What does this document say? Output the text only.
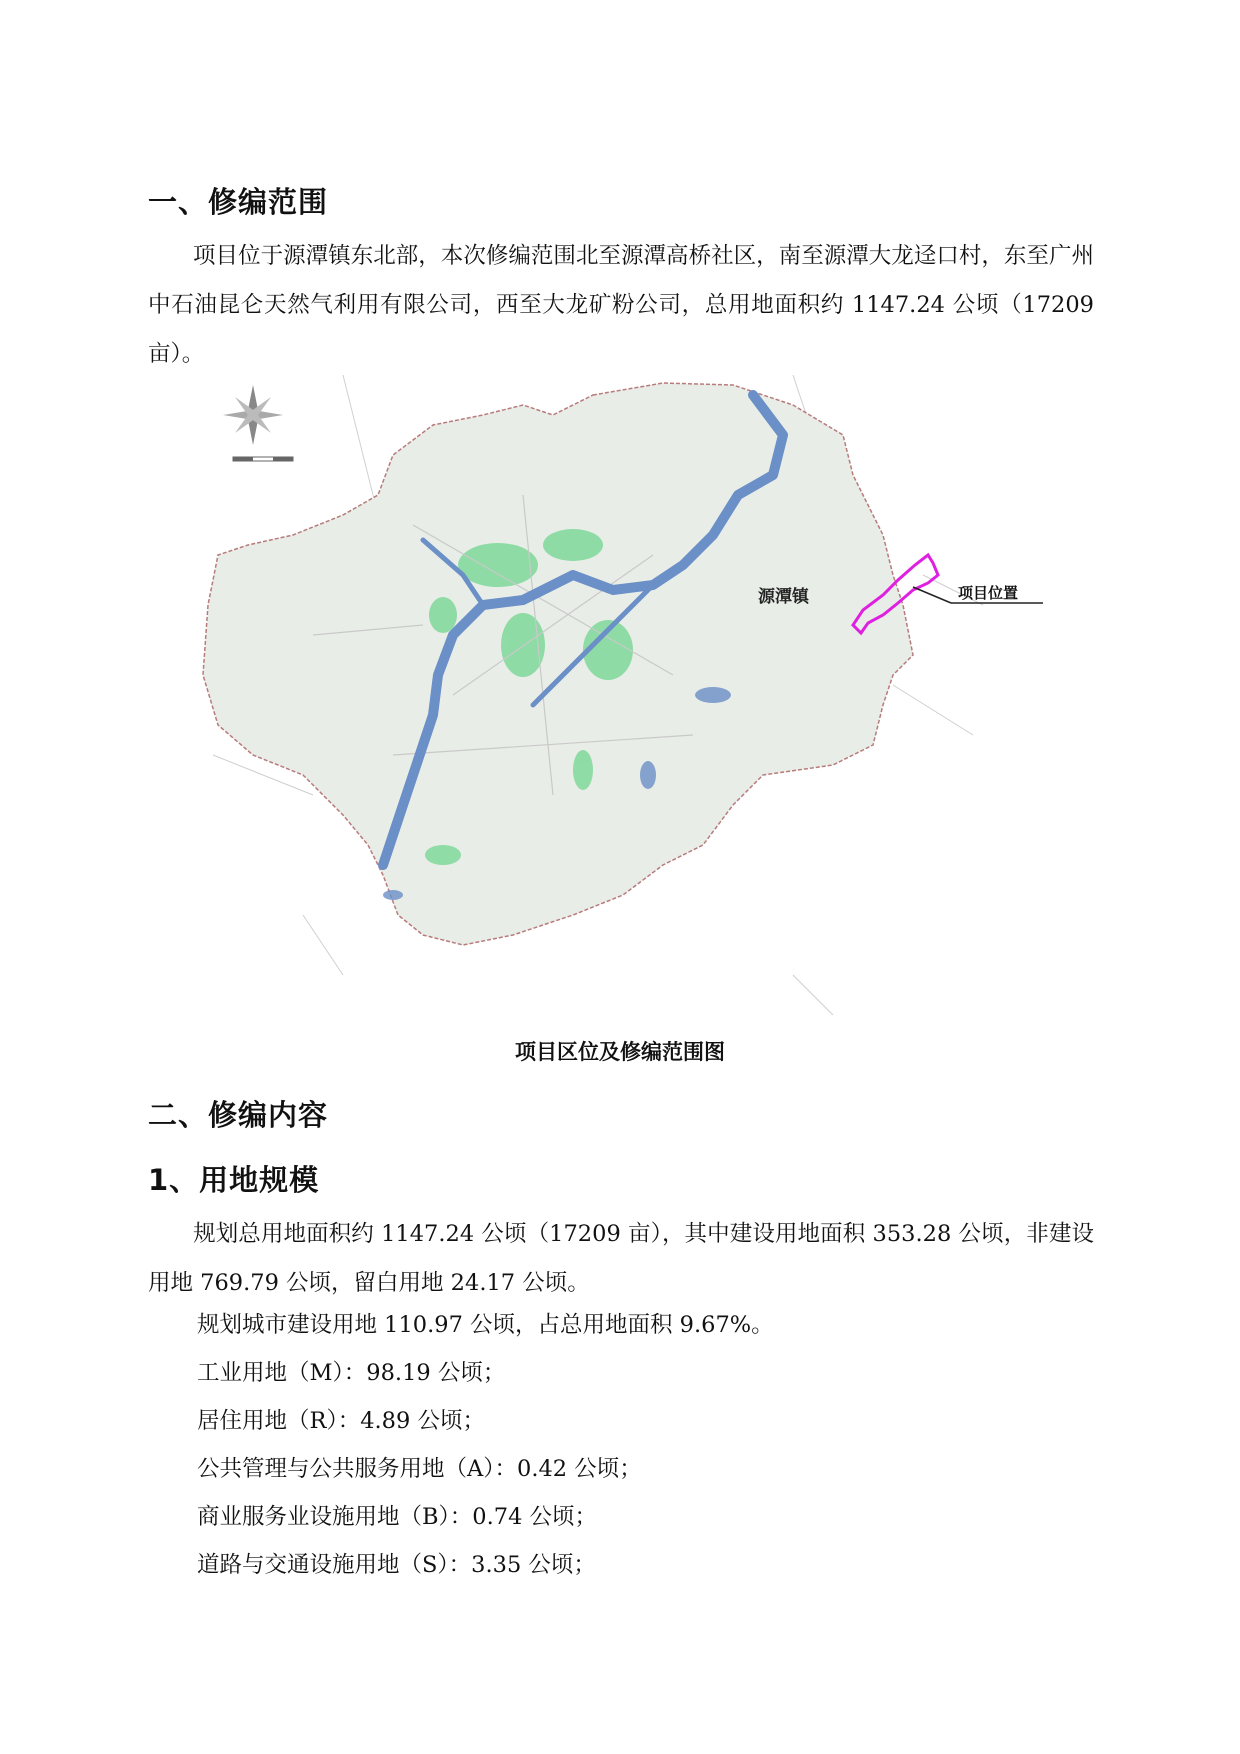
一、修编范围

项目位于源潭镇东北部，本次修编范围北至源潭高桥社区，南至源潭大龙迳口村，东至广州中石油昆仑天然气利用有限公司，西至大龙矿粉公司，总用地面积约 1147.24 公顷（17209 亩）。

源潭镇	项目位置

项目区位及修编范围图

二、修编内容
1、用地规模

规划总用地面积约 1147.24 公顷（17209 亩），其中建设用地面积 353.28 公顷，非建设用地 769.79 公顷，留白用地 24.17 公顷。

规划城市建设用地 110.97 公顷，占总用地面积 9.67%。

工业用地（M）：98.19 公顷；

居住用地（R）：4.89 公顷；

公共管理与公共服务用地（A）：0.42 公顷；

商业服务业设施用地（B）：0.74 公顷；

道路与交通设施用地（S）：3.35 公顷；
